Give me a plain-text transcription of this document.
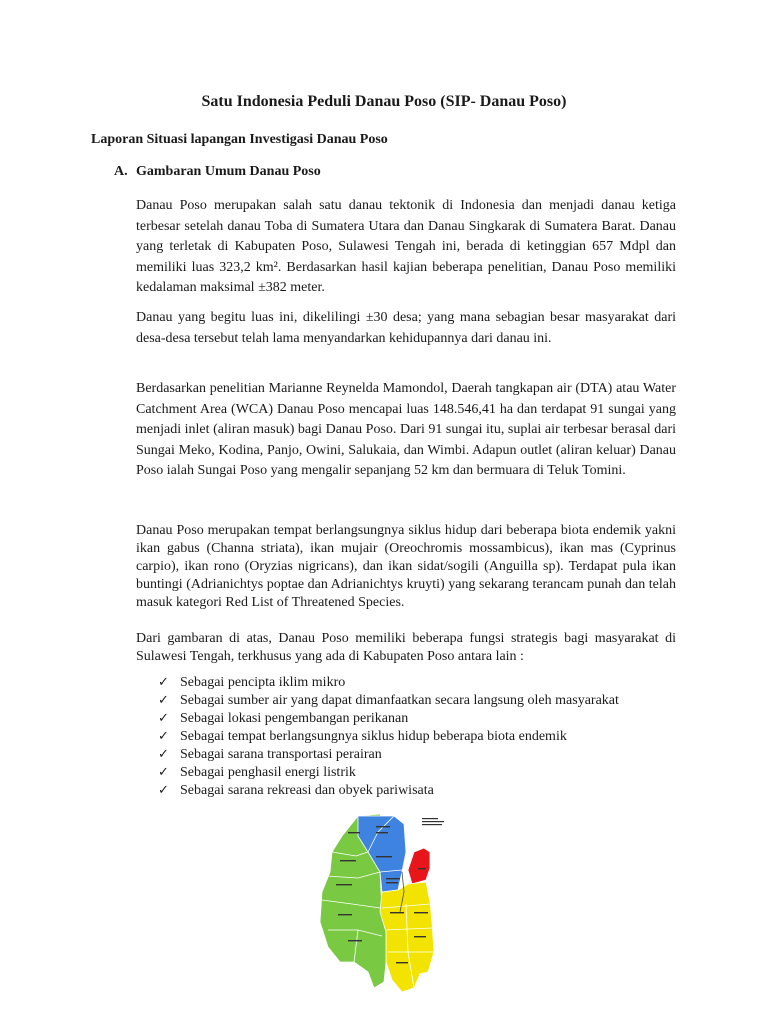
Satu Indonesia Peduli Danau Poso (SIP- Danau Poso)

Laporan Situasi lapangan Investigasi Danau Poso

A. Gambaran Umum Danau Poso

Danau Poso merupakan salah satu danau tektonik di Indonesia dan menjadi danau ketiga terbesar setelah danau Toba di Sumatera Utara dan Danau Singkarak di Sumatera Barat. Danau yang terletak di Kabupaten Poso, Sulawesi Tengah ini, berada di ketinggian 657 Mdpl dan memiliki luas 323,2 km². Berdasarkan hasil kajian beberapa penelitian, Danau Poso memiliki kedalaman maksimal ±382 meter.

Danau yang begitu luas ini, dikelilingi ±30 desa; yang mana sebagian besar masyarakat dari desa-desa tersebut telah lama menyandarkan kehidupannya dari danau ini.

Berdasarkan penelitian Marianne Reynelda Mamondol, Daerah tangkapan air (DTA) atau Water Catchment Area (WCA) Danau Poso mencapai luas 148.546,41 ha dan terdapat 91 sungai yang menjadi inlet (aliran masuk) bagi Danau Poso. Dari 91 sungai itu, suplai air terbesar berasal dari Sungai Meko, Kodina, Panjo, Owini, Salukaia, dan Wimbi. Adapun outlet (aliran keluar) Danau Poso ialah Sungai Poso yang mengalir sepanjang 52 km dan bermuara di Teluk Tomini.

Danau Poso merupakan tempat berlangsungnya siklus hidup dari beberapa biota endemik yakni ikan gabus (Channa striata), ikan mujair (Oreochromis mossambicus), ikan mas (Cyprinus carpio), ikan rono (Oryzias nigricans), dan ikan sidat/sogili (Anguilla sp). Terdapat pula ikan buntingi (Adrianichtys poptae dan Adrianichtys kruyti) yang sekarang terancam punah dan telah masuk kategori Red List of Threatened Species.

Dari gambaran di atas, Danau Poso memiliki beberapa fungsi strategis bagi masyarakat di Sulawesi Tengah, terkhusus yang ada di Kabupaten Poso antara lain :

✓ Sebagai pencipta iklim mikro
✓ Sebagai sumber air yang dapat dimanfaatkan secara langsung oleh masyarakat
✓ Sebagai lokasi pengembangan perikanan
✓ Sebagai tempat berlangsungnya siklus hidup beberapa biota endemik
✓ Sebagai sarana transportasi perairan
✓ Sebagai penghasil energi listrik
✓ Sebagai sarana rekreasi dan obyek pariwisata
